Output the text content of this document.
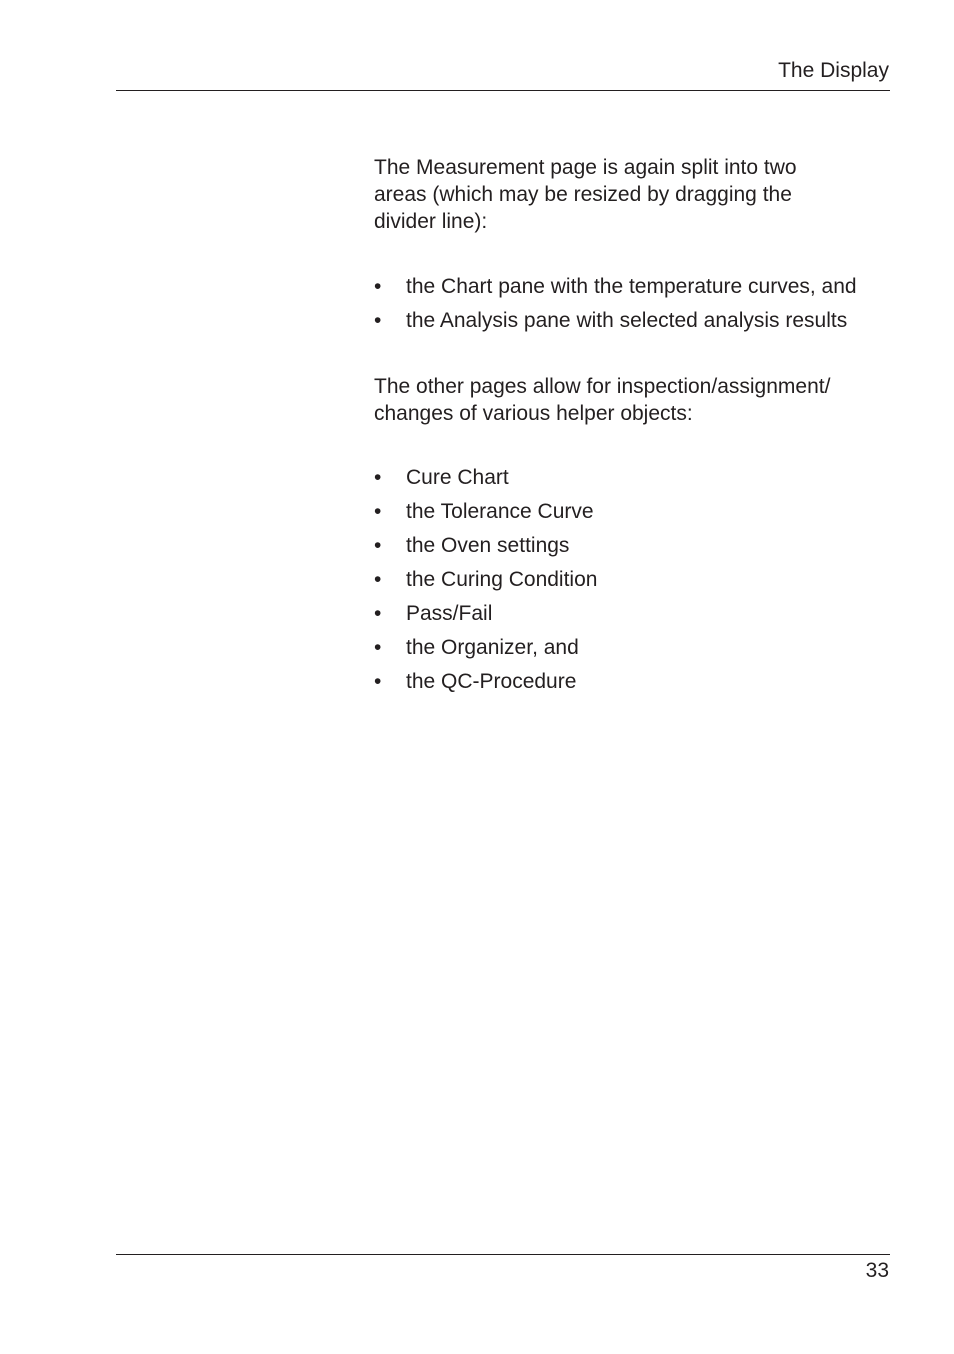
The Display

The Measurement page is again split into two areas (which may be resized by dragging the divider line):

•	the Chart pane with the temperature curves, and
•	the Analysis pane with selected analysis results

The other pages allow for inspection/assignment/ changes of various helper objects:

•	Cure Chart
•	the Tolerance Curve
•	the Oven settings
•	the Curing Condition
•	Pass/Fail
•	the Organizer, and
•	the QC-Procedure
33
